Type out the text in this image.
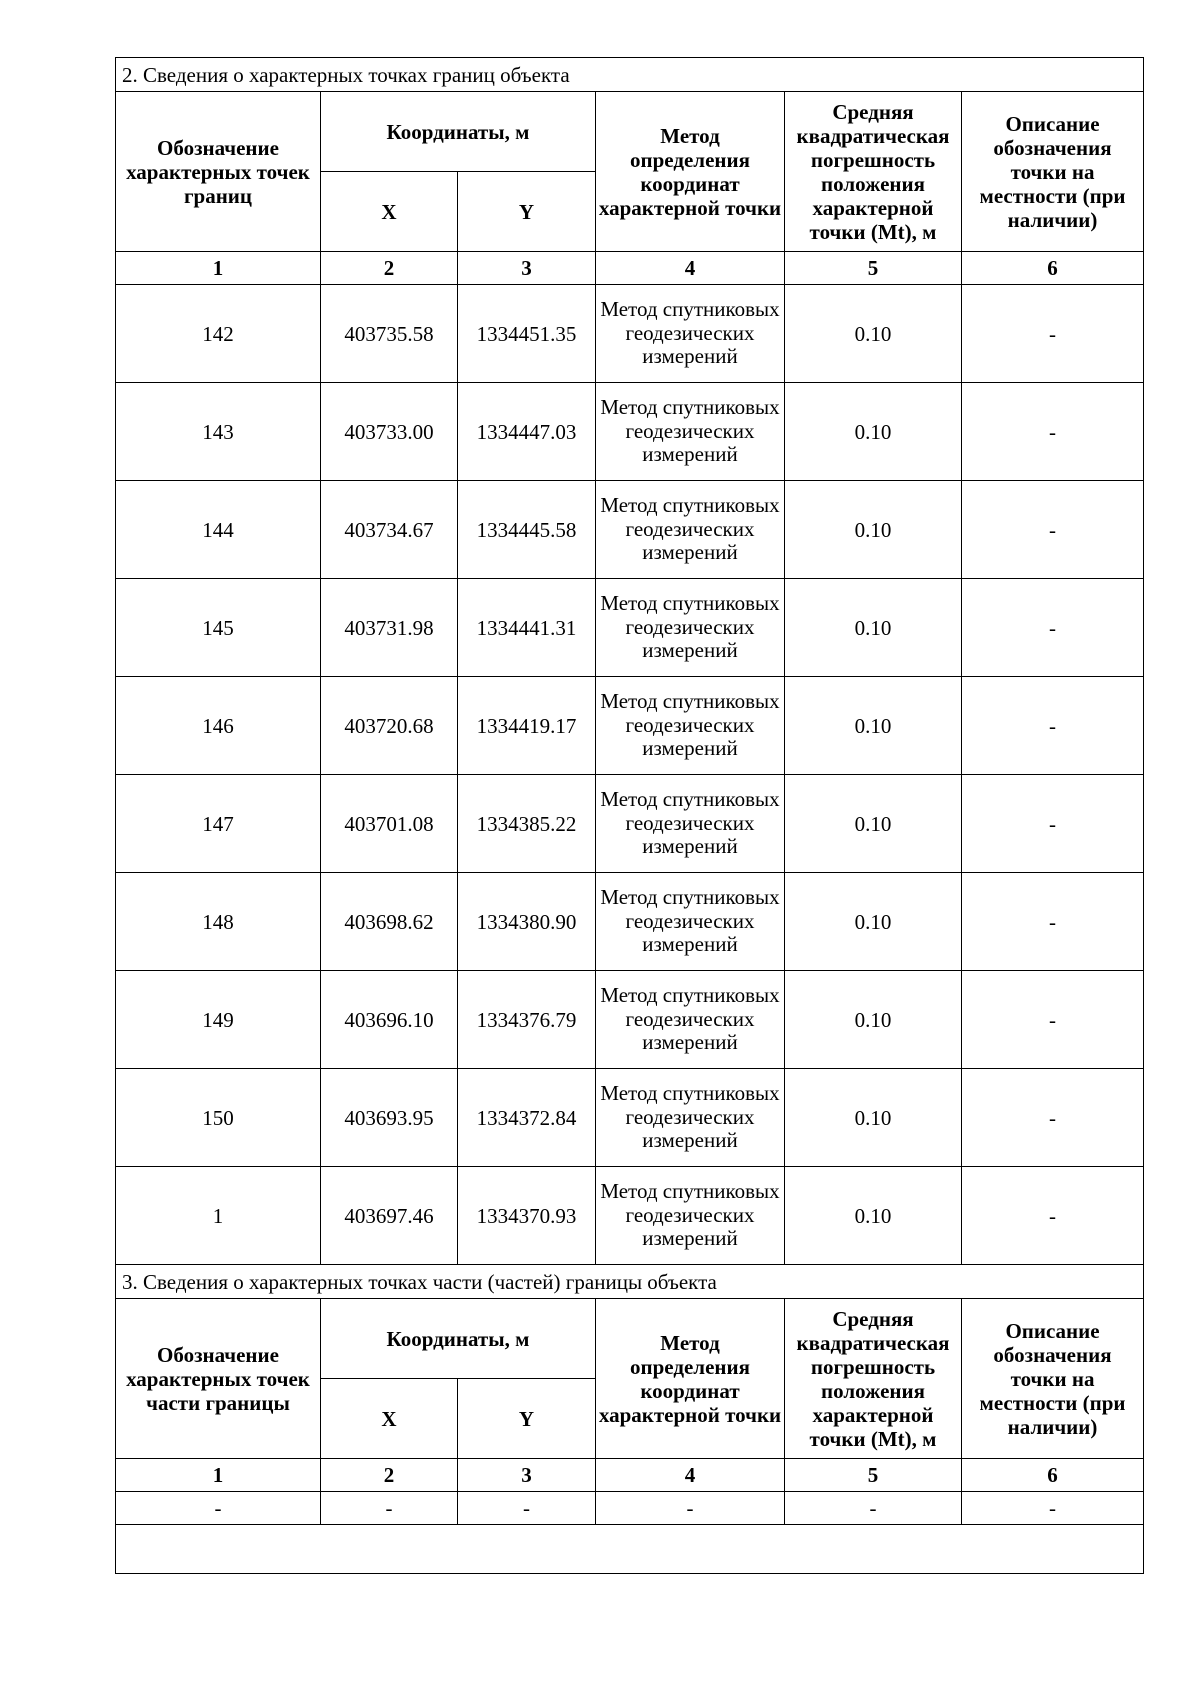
2. Сведения о характерных точках границ объекта					
Обозначение характерных точек границ	Координаты, м		Метод определения координат характерной точки	Средняя квадратическая погрешность положения характерной точки (Mt), м	Описание обозначения точки на местности (при наличии)
	X	Y			
1	2	3	4	5	6
142	403735.58	1334451.35	Метод спутниковых геодезических измерений	0.10	-
143	403733.00	1334447.03	Метод спутниковых геодезических измерений	0.10	-
144	403734.67	1334445.58	Метод спутниковых геодезических измерений	0.10	-
145	403731.98	1334441.31	Метод спутниковых геодезических измерений	0.10	-
146	403720.68	1334419.17	Метод спутниковых геодезических измерений	0.10	-
147	403701.08	1334385.22	Метод спутниковых геодезических измерений	0.10	-
148	403698.62	1334380.90	Метод спутниковых геодезических измерений	0.10	-
149	403696.10	1334376.79	Метод спутниковых геодезических измерений	0.10	-
150	403693.95	1334372.84	Метод спутниковых геодезических измерений	0.10	-
1	403697.46	1334370.93	Метод спутниковых геодезических измерений	0.10	-
3. Сведения о характерных точках части (частей) границы объекта					
Обозначение характерных точек части границы	Координаты, м		Метод определения координат характерной точки	Средняя квадратическая погрешность положения характерной точки (Mt), м	Описание обозначения точки на местности (при наличии)
	X	Y			
1	2	3	4	5	6
-	-	-	-	-	-
